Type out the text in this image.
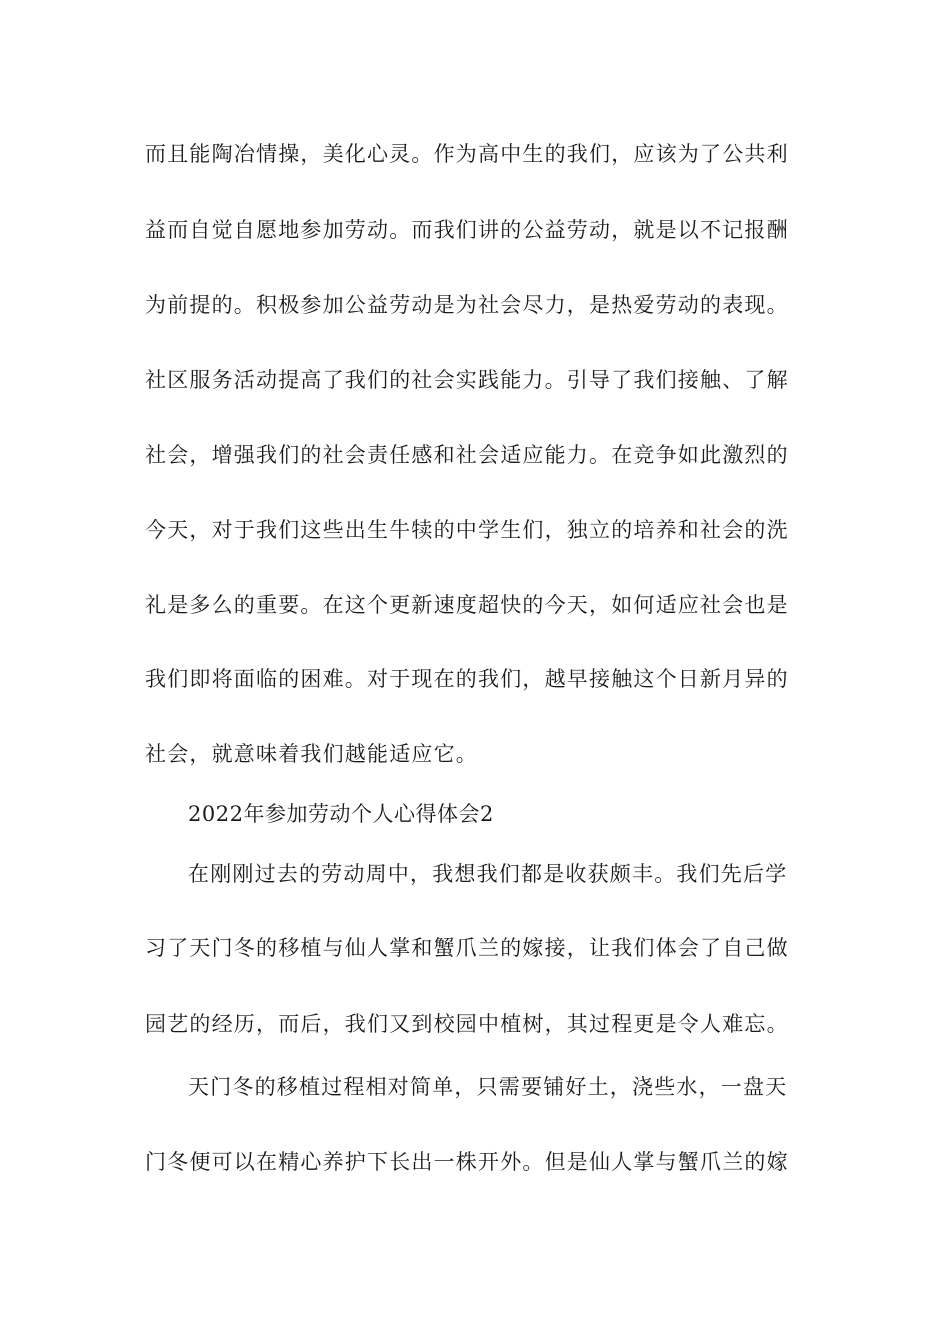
而且能陶冶情操，美化心灵。作为高中生的我们，应该为了公共利
益而自觉自愿地参加劳动。而我们讲的公益劳动，就是以不记报酬
为前提的。积极参加公益劳动是为社会尽力，是热爱劳动的表现。
社区服务活动提高了我们的社会实践能力。引导了我们接触、了解
社会，增强我们的社会责任感和社会适应能力。在竞争如此激烈的
今天，对于我们这些出生牛犊的中学生们，独立的培养和社会的洗
礼是多么的重要。在这个更新速度超快的今天，如何适应社会也是
我们即将面临的困难。对于现在的我们，越早接触这个日新月异的
社会，就意味着我们越能适应它。
2022年参加劳动个人心得体会2
在刚刚过去的劳动周中，我想我们都是收获颇丰。我们先后学
习了天门冬的移植与仙人掌和蟹爪兰的嫁接，让我们体会了自己做
园艺的经历，而后，我们又到校园中植树，其过程更是令人难忘。
天门冬的移植过程相对简单，只需要铺好土，浇些水，一盘天
门冬便可以在精心养护下长出一株开外。但是仙人掌与蟹爪兰的嫁
